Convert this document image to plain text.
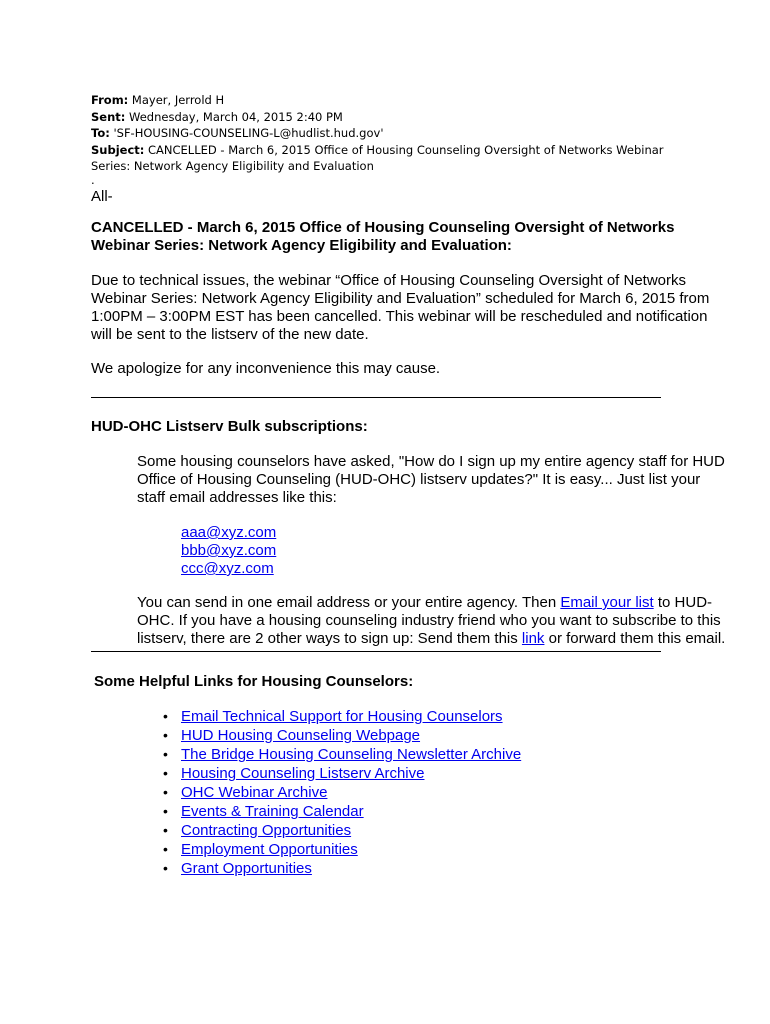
From: Mayer, Jerrold H
Sent: Wednesday, March 04, 2015 2:40 PM
To: 'SF-HOUSING-COUNSELING-L@hudlist.hud.gov'
Subject: CANCELLED - March 6, 2015 Office of Housing Counseling Oversight of Networks Webinar Series: Network Agency Eligibility and Evaluation
.

All-

CANCELLED - March 6, 2015 Office of Housing Counseling Oversight of Networks Webinar Series: Network Agency Eligibility and Evaluation:

Due to technical issues, the webinar “Office of Housing Counseling Oversight of Networks Webinar Series: Network Agency Eligibility and Evaluation” scheduled for March 6, 2015 from 1:00PM – 3:00PM EST has been cancelled. This webinar will be rescheduled and notification will be sent to the listserv of the new date.

We apologize for any inconvenience this may cause.

HUD-OHC Listserv Bulk subscriptions:

Some housing counselors have asked, "How do I sign up my entire agency staff for HUD Office of Housing Counseling (HUD-OHC) listserv updates?" It is easy... Just list your staff email addresses like this:

aaa@xyz.com
bbb@xyz.com
ccc@xyz.com

You can send in one email address or your entire agency. Then Email your list to HUD-OHC. If you have a housing counseling industry friend who you want to subscribe to this listserv, there are 2 other ways to sign up: Send them this link or forward them this email.

Some Helpful Links for Housing Counselors:

• Email Technical Support for Housing Counselors
• HUD Housing Counseling Webpage
• The Bridge Housing Counseling Newsletter Archive
• Housing Counseling Listserv Archive
• OHC Webinar Archive
• Events & Training Calendar
• Contracting Opportunities
• Employment Opportunities
• Grant Opportunities
